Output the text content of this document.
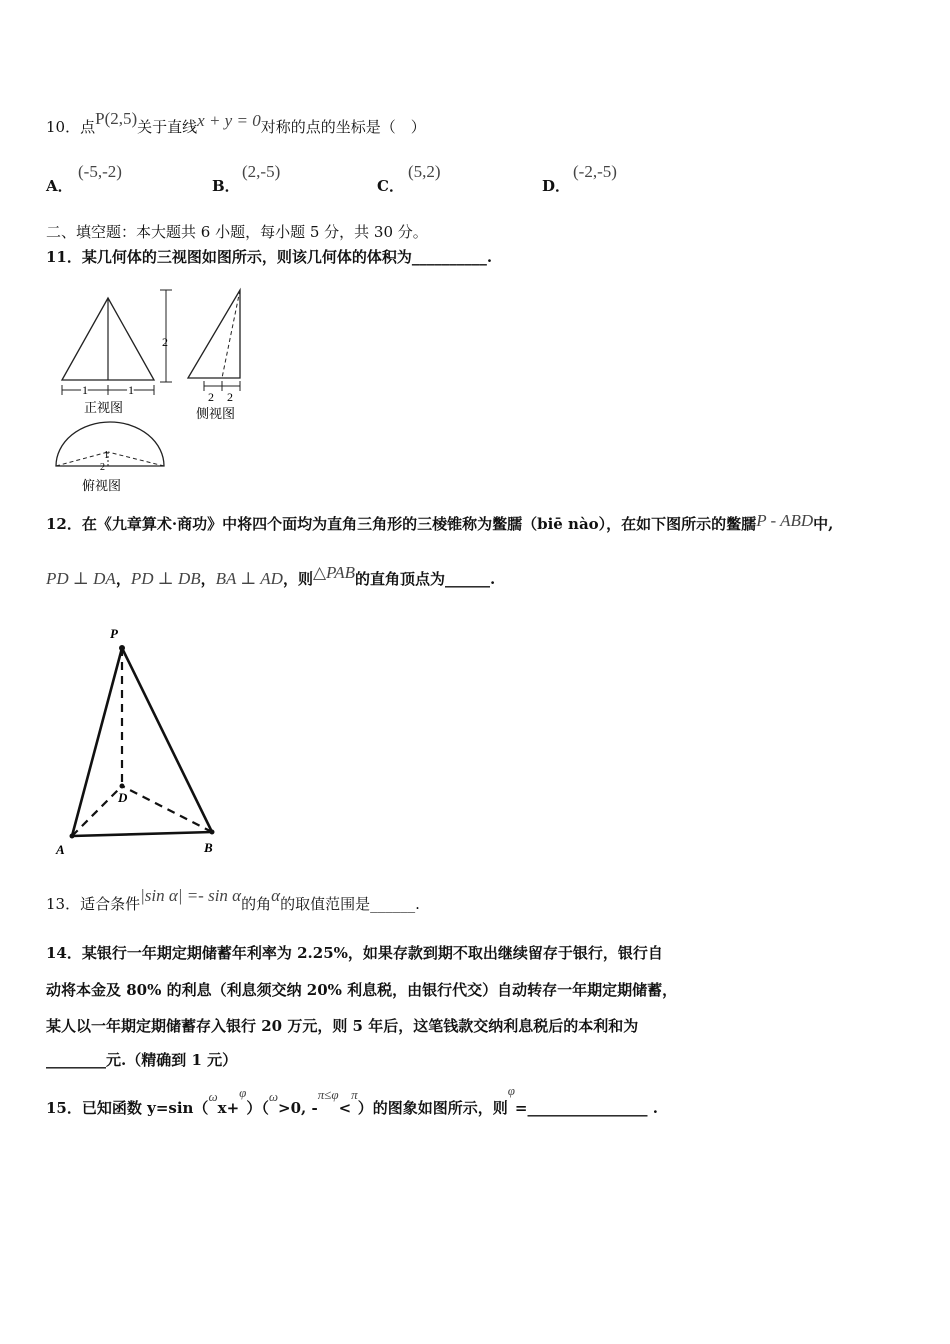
10．点P(2,5)关于直线x + y = 0对称的点的坐标是（　）
A．
(-5,-2)
B．
(2,-5)
C．
(5,2)
D．
(-2,-5)
二、填空题：本大题共 6 小题，每小题 5 分，共 30 分。
11．某几何体的三视图如图所示，则该几何体的体积为__________.
2
1	1
正视图
2 2
侧视图
1
2
俯视图
12．在《九章算术·商功》中将四个面均为直角三角形的三棱锥称为鳖臑（biē nào），在如下图所示的鳖臑P - ABD中,
PD ⊥ DA，PD ⊥ DB，BA ⊥ AD，则△PAB的直角顶点为______.
P
D
A	B
13．适合条件|sin α| =- sin α的角α的取值范围是______.
14．某银行一年期定期储蓄年利率为 2.25%，如果存款到期不取出继续留存于银行，银行自
动将本金及 80% 的利息（利息须交纳 20% 利息税，由银行代交）自动转存一年期定期储蓄，
某人以一年期定期储蓄存入银行 20 万元，则 5 年后，这笔钱款交纳利息税后的本利和为
________元.（精确到 1 元）
15．已知函数 y=sin（ωx+φ）（ω>0, -π≤φ<π）的图象如图所示，则φ=________________ .
